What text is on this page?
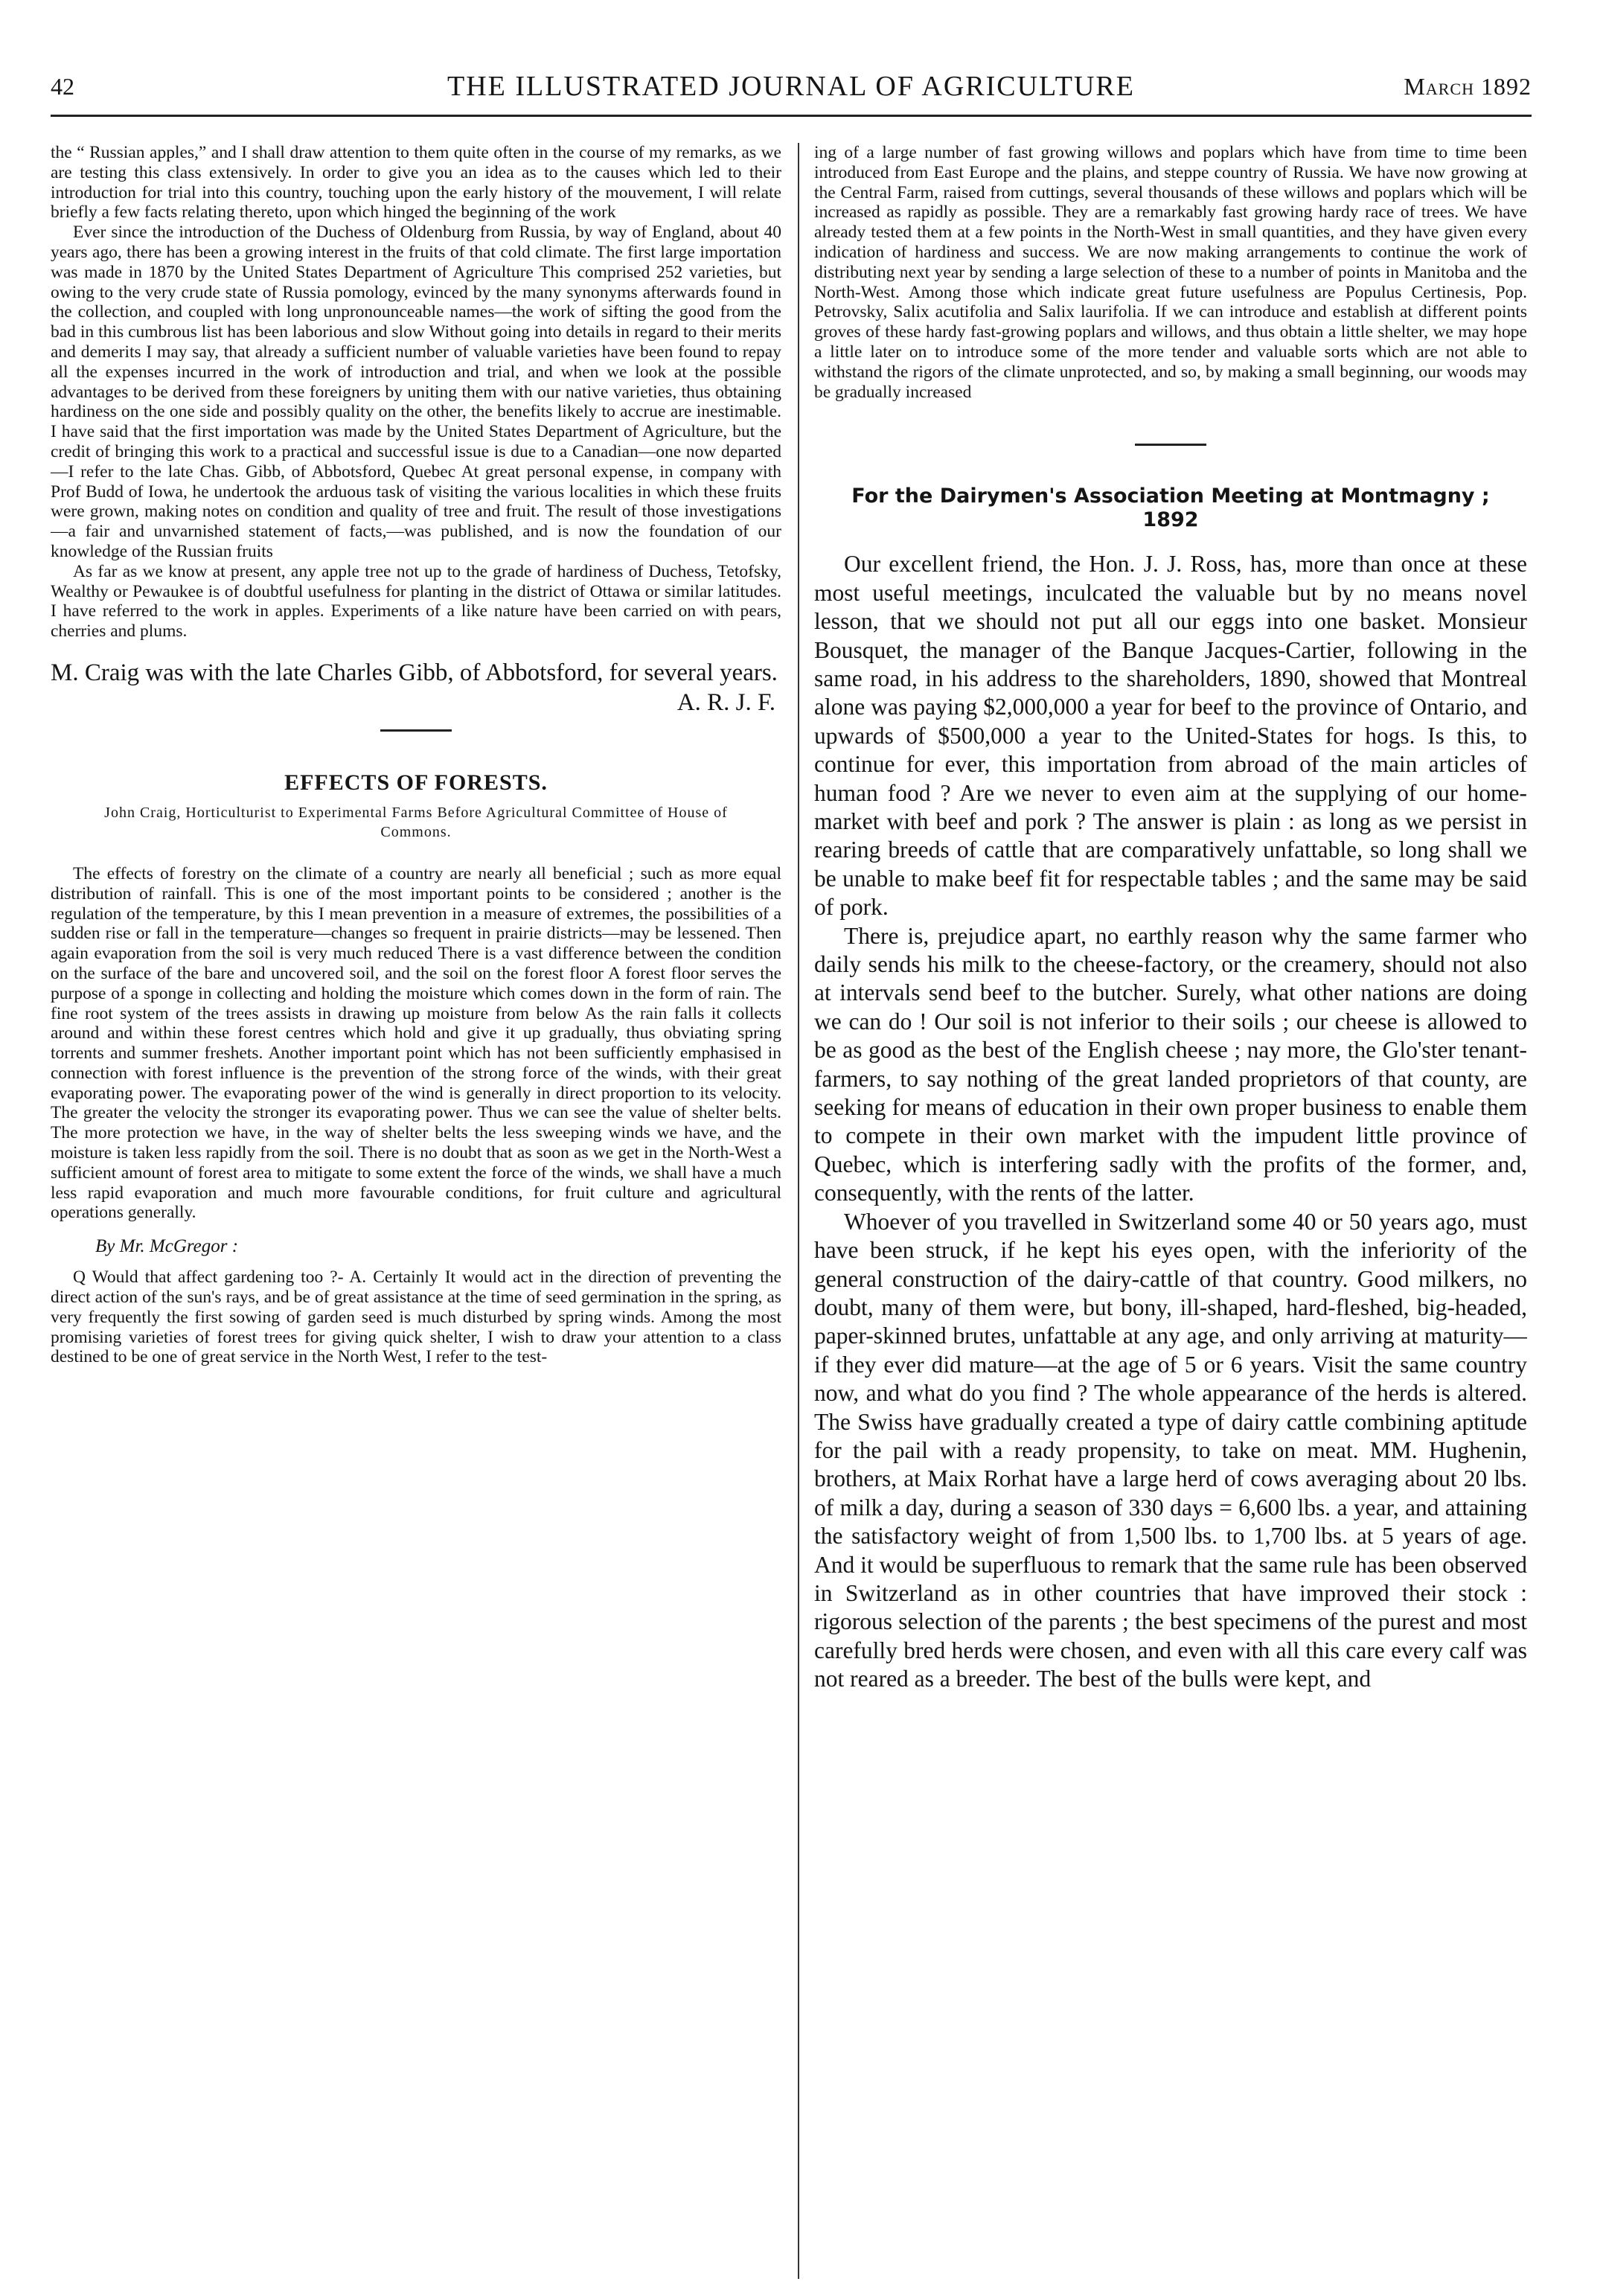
42	THE ILLUSTRATED JOURNAL OF AGRICULTURE	March 1892

the “ Russian apples,” and I shall draw attention to them quite often in the course of my remarks, as we are testing this class extensively. In order to give you an idea as to the causes which led to their introduction for trial into this country, touching upon the early history of the mouvement, I will relate briefly a few facts relating thereto, upon which hinged the beginning of the work

Ever since the introduction of the Duchess of Oldenburg from Russia, by way of England, about 40 years ago, there has been a growing interest in the fruits of that cold climate. The first large importation was made in 1870 by the United States Department of Agriculture This comprised 252 varieties, but owing to the very crude state of Russia pomology, evinced by the many synonyms afterwards found in the collection, and coupled with long unpronounceable names—the work of sifting the good from the bad in this cumbrous list has been laborious and slow Without going into details in regard to their merits and demerits I may say, that already a sufficient number of valuable varieties have been found to repay all the expenses incurred in the work of introduction and trial, and when we look at the possible advantages to be derived from these foreigners by uniting them with our native varieties, thus obtaining hardiness on the one side and possibly quality on the other, the benefits likely to accrue are inestimable. I have said that the first importation was made by the United States Department of Agriculture, but the credit of bringing this work to a practical and successful issue is due to a Canadian—one now departed—I refer to the late Chas. Gibb, of Abbotsford, Quebec At great personal expense, in company with Prof Budd of Iowa, he undertook the arduous task of visiting the various localities in which these fruits were grown, making notes on condition and quality of tree and fruit. The result of those investigations—a fair and unvarnished statement of facts,—was published, and is now the foundation of our knowledge of the Russian fruits

As far as we know at present, any apple tree not up to the grade of hardiness of Duchess, Tetofsky, Wealthy or Pewaukee is of doubtful usefulness for planting in the district of Ottawa or similar latitudes. I have referred to the work in apples. Experiments of a like nature have been carried on with pears, cherries and plums.

M. Craig was with the late Charles Gibb, of Abbotsford, for several years.
A. R. J. F.
EFFECTS OF FORESTS.
John Craig, Horticulturist to Experimental Farms Before Agricultural Committee of House of Commons.

The effects of forestry on the climate of a country are nearly all beneficial ; such as more equal distribution of rainfall. This is one of the most important points to be considered ; another is the regulation of the temperature, by this I mean prevention in a measure of extremes, the possibilities of a sudden rise or fall in the temperature—changes so frequent in prairie districts—may be lessened. Then again evaporation from the soil is very much reduced There is a vast difference between the condition on the surface of the bare and uncovered soil, and the soil on the forest floor A forest floor serves the purpose of a sponge in collecting and holding the moisture which comes down in the form of rain. The fine root system of the trees assists in drawing up moisture from below As the rain falls it collects around and within these forest centres which hold and give it up gradually, thus obviating spring torrents and summer freshets. Another important point which has not been sufficiently emphasised in connection with forest influence is the prevention of the strong force of the winds, with their great evaporating power. The evaporating power of the wind is generally in direct proportion to its velocity. The greater the velocity the stronger its evaporating power. Thus we can see the value of shelter belts. The more protection we have, in the way of shelter belts the less sweeping winds we have, and the moisture is taken less rapidly from the soil. There is no doubt that as soon as we get in the North-West a sufficient amount of forest area to mitigate to some extent the force of the winds, we shall have a much less rapid evaporation and much more favourable conditions, for fruit culture and agricultural operations generally.

By Mr. McGregor :

Q Would that affect gardening too ?- A. Certainly It would act in the direction of preventing the direct action of the sun's rays, and be of great assistance at the time of seed germination in the spring, as very frequently the first sowing of garden seed is much disturbed by spring winds. Among the most promising varieties of forest trees for giving quick shelter, I wish to draw your attention to a class destined to be one of great service in the North West, I refer to the test-

ing of a large number of fast growing willows and poplars which have from time to time been introduced from East Europe and the plains, and steppe country of Russia. We have now growing at the Central Farm, raised from cuttings, several thousands of these willows and poplars which will be increased as rapidly as possible. They are a remarkably fast growing hardy race of trees. We have already tested them at a few points in the North-West in small quantities, and they have given every indication of hardiness and success. We are now making arrangements to continue the work of distributing next year by sending a large selection of these to a number of points in Manitoba and the North-West. Among those which indicate great future usefulness are Populus Certinesis, Pop. Petrovsky, Salix acutifolia and Salix laurifolia. If we can introduce and establish at different points groves of these hardy fast-growing poplars and willows, and thus obtain a little shelter, we may hope a little later on to introduce some of the more tender and valuable sorts which are not able to withstand the rigors of the climate unprotected, and so, by making a small beginning, our woods may be gradually increased

For the Dairymen's Association Meeting at Montmagny ; 1892

Our excellent friend, the Hon. J. J. Ross, has, more than once at these most useful meetings, inculcated the valuable but by no means novel lesson, that we should not put all our eggs into one basket. Monsieur Bousquet, the manager of the Banque Jacques-Cartier, following in the same road, in his address to the shareholders, 1890, showed that Montreal alone was paying $2,000,000 a year for beef to the province of Ontario, and upwards of $500,000 a year to the United-States for hogs. Is this, to continue for ever, this importation from abroad of the main articles of human food ? Are we never to even aim at the supplying of our home-market with beef and pork ? The answer is plain : as long as we persist in rearing breeds of cattle that are comparatively unfattable, so long shall we be unable to make beef fit for respectable tables ; and the same may be said of pork.

There is, prejudice apart, no earthly reason why the same farmer who daily sends his milk to the cheese-factory, or the creamery, should not also at intervals send beef to the butcher. Surely, what other nations are doing we can do ! Our soil is not inferior to their soils ; our cheese is allowed to be as good as the best of the English cheese ; nay more, the Glo'ster tenant-farmers, to say nothing of the great landed proprietors of that county, are seeking for means of education in their own proper business to enable them to compete in their own market with the impudent little province of Quebec, which is interfering sadly with the profits of the former, and, consequently, with the rents of the latter.

Whoever of you travelled in Switzerland some 40 or 50 years ago, must have been struck, if he kept his eyes open, with the inferiority of the general construction of the dairy-cattle of that country. Good milkers, no doubt, many of them were, but bony, ill-shaped, hard-fleshed, big-headed, paper-skinned brutes, unfattable at any age, and only arriving at maturity—if they ever did mature—at the age of 5 or 6 years. Visit the same country now, and what do you find ? The whole appearance of the herds is altered. The Swiss have gradually created a type of dairy cattle combining aptitude for the pail with a ready propensity, to take on meat. MM. Hughenin, brothers, at Maix Rorhat have a large herd of cows averaging about 20 lbs. of milk a day, during a season of 330 days = 6,600 lbs. a year, and attaining the satisfactory weight of from 1,500 lbs. to 1,700 lbs. at 5 years of age. And it would be superfluous to remark that the same rule has been observed in Switzerland as in other countries that have improved their stock : rigorous selection of the parents ; the best specimens of the purest and most carefully bred herds were chosen, and even with all this care every calf was not reared as a breeder. The best of the bulls were kept, and
